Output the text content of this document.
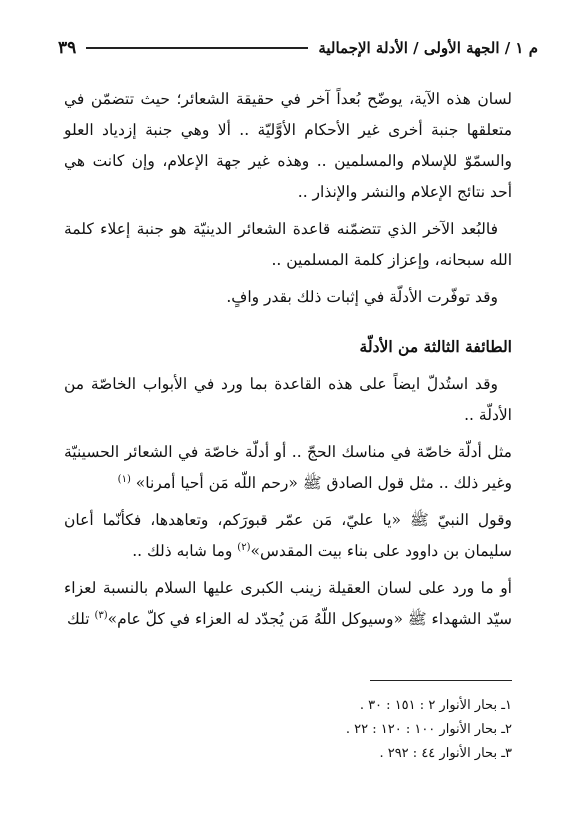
م ١ / الجهة الأولى / الأدلة الإجمالية
٣٩

لسان هذه الآية، يوضّح بُعداً آخر في حقيقة الشعائر؛ حيث تتضمّن في متعلقها جنبة أخرى غير الأحكام الأوَّليّة .. ألا وهي جنبة إزدياد العلو والسمّوّ للإسلام والمسلمين .. وهذه غير جهة الإعلام، وإن كانت هي أحد نتائج الإعلام والنشر والإنذار ..

فالبُعد الآخر الذي تتضمّنه قاعدة الشعائر الدينيّة هو جنبة إعلاء كلمة الله سبحانه، وإعزاز كلمة المسلمين ..

وقد توفّرت الأدلّة في إثبات ذلك بقدر وافٍ.

الطائفة الثالثة من الأدلّة

وقد استُدلّ ايضاً على هذه القاعدة بما ورد في الأبواب الخاصّة من الأدلّة ..

مثل أدلّة خاصّة في مناسك الحجّ .. أو أدلّة خاصّة في الشعائر الحسينيّة وغير ذلك .. مثل قول الصادق ﷺ «رحم اللّه مَن أحيا أمرنا» $^{(١)}$

وقول النبيّ ﷺ «يا عليّ، مَن عمّر قبورَكم، وتعاهدها، فكأنّما أعان سليمان بن داوود على بناء بيت المقدس»$^{(٢)}$ وما شابه ذلك ..

أو ما ورد على لسان العقيلة زينب الكبرى عليها السلام بالنسبة لعزاء سيّد الشهداء ﷺ «وسيوكل اللّهُ مَن يُجدّد له العزاء في كلّ عام»$^{(٣)}$ تلك

١ـ بحار الأنوار ٢ : ١٥١ : ٣٠ .

٢ـ بحار الأنوار ١٠٠ : ١٢٠ : ٢٢ .

٣ـ بحار الأنوار ٤٤ : ٢٩٢ .
